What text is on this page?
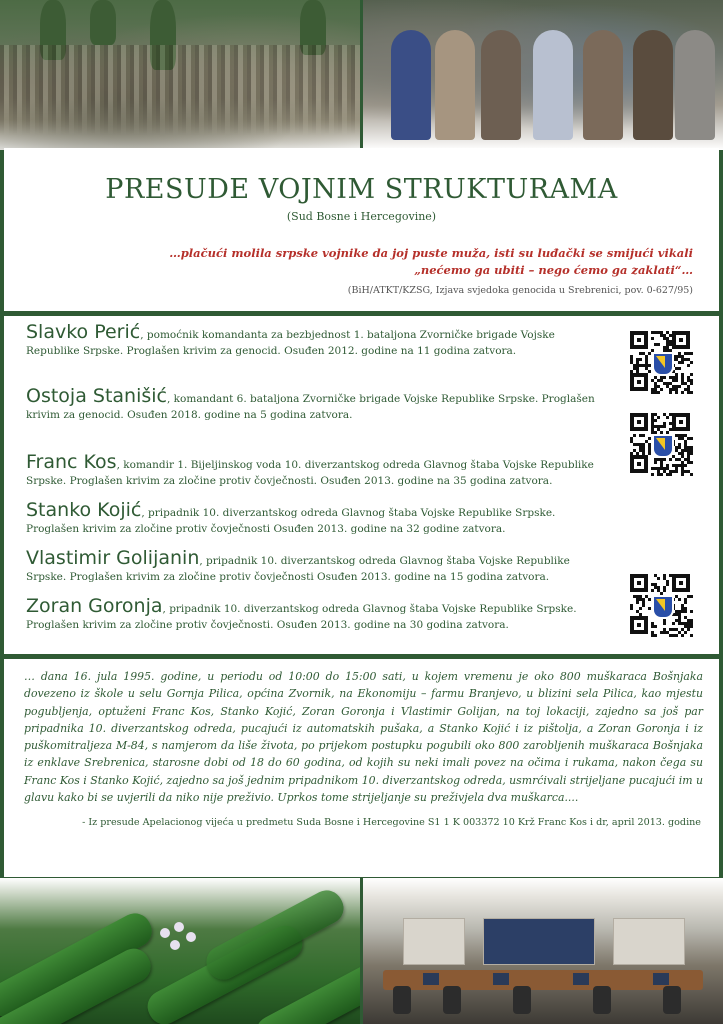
PRESUDE VOJNIM STRUKTURAMA
(Sud Bosne i Hercegovine)
…plačući molila srpske vojnike da joj puste muža, isti su luđački se smijući vikali
„nećemo ga ubiti – nego ćemo ga zaklati“…
(BiH/ATKT/KZSG, Izjava svjedoka genocida u Srebrenici, pov. 0-627/95)
Slavko Perić, pomoćnik komandanta za bezbjednost 1. bataljona Zvorničke brigade Vojske Republike Srpske. Proglašen krivim za genocid. Osuđen 2012. godine na 11 godina zatvora.
Ostoja Stanišić, komandant 6. bataljona Zvorničke brigade Vojske Republike Srpske. Proglašen krivim za genocid. Osuđen 2018. godine na 5 godina zatvora.
Franc Kos, komandir 1. Bijeljinskog voda 10. diverzantskog odreda Glavnog štaba Vojske Republike Srpske. Proglašen krivim za zločine protiv čovječnosti. Osuđen 2013. godine na 35 godina zatvora.
Stanko Kojić, pripadnik 10. diverzantskog odreda Glavnog štaba Vojske Republike Srpske. Proglašen krivim za zločine protiv čovječnosti Osuđen 2013. godine na 32 godine zatvora.
Vlastimir Golijanin, pripadnik 10. diverzantskog odreda Glavnog štaba Vojske Republike Srpske. Proglašen krivim za zločine protiv čovječnosti Osuđen 2013. godine na 15 godina zatvora.
Zoran Goronja, pripadnik 10. diverzantskog odreda Glavnog štaba Vojske Republike Srpske. Proglašen krivim za zločine protiv čovječnosti. Osuđen 2013. godine na 30 godina zatvora.
… dana 16. jula 1995. godine, u periodu od 10:00 do 15:00 sati, u kojem vremenu je oko 800 muškaraca Bošnjaka dovezeno iz škole u selu Gornja Pilica, općina Zvornik, na Ekonomiju – farmu Branjevo, u blizini sela Pilica, kao mjestu pogubljenja, optuženi Franc Kos, Stanko Kojić, Zoran Goronja i Vlastimir Golijan, na toj lokaciji, zajedno sa još par pripadnika 10. diverzantskog odreda, pucajući iz automatskih pušaka, a Stanko Kojić i iz pištolja, a Zoran Goronja i iz puškomitraljeza M-84, s namjerom da liše života, po prijekom postupku pogubili oko 800 zarobljenih muškaraca Bošnjaka iz enklave Srebrenica, starosne dobi od 18 do 60 godina, od kojih su neki imali povez na očima i rukama, nakon čega su Franc Kos i Stanko Kojić, zajedno sa još jednim pripadnikom 10. diverzantskog odreda, usmrćivali strijeljane pucajući im u glavu kako bi se uvjerili da niko nije preživio. Uprkos tome strijeljanje su preživjela dva muškarca....
- Iz presude Apelacionog vijeća u predmetu Suda Bosne i Hercegovine S1 1 K 003372 10 Krž Franc Kos i dr, april 2013. godine
